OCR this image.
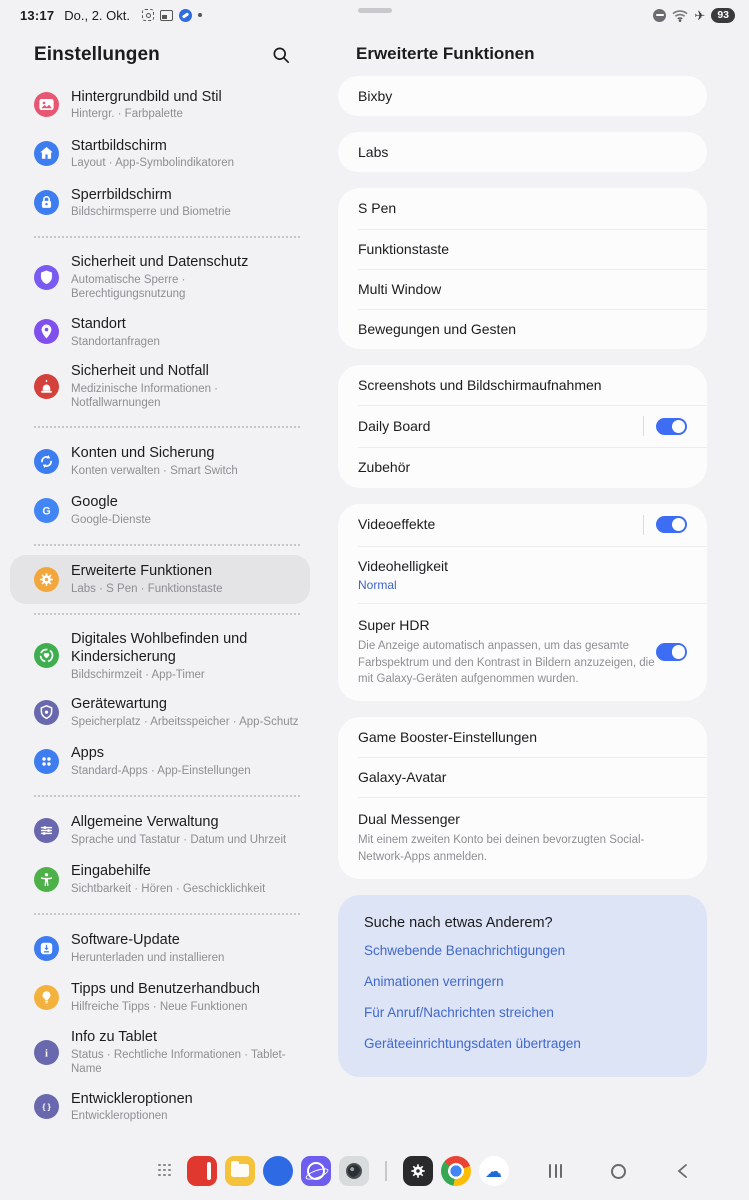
13:17 Do., 2. Okt.	✈	93
Einstellungen
Hintergrundbild und Stil
Hintergr. · Farbpalette
Startbildschirm
Layout · App-Symbolindikatoren
Sperrbildschirm
Bildschirmsperre und Biometrie
Sicherheit und Datenschutz
Automatische Sperre · Berechtigungsnutzung
Standort
Standortanfragen
Sicherheit und Notfall
Medizinische Informationen · Notfallwarnungen
Konten und Sicherung
Konten verwalten · Smart Switch
G
Google
Google-Dienste
Erweiterte Funktionen
Labs · S Pen · Funktionstaste
Digitales Wohlbefinden und Kindersicherung
Bildschirmzeit · App-Timer
Gerätewartung
Speicherplatz · Arbeitsspeicher · App-Schutz
Apps
Standard-Apps · App-Einstellungen
Allgemeine Verwaltung
Sprache und Tastatur · Datum und Uhrzeit
Eingabehilfe
Sichtbarkeit · Hören · Geschicklichkeit
Software-Update
Herunterladen und installieren
Tipps und Benutzerhandbuch
Hilfreiche Tipps · Neue Funktionen
i
Info zu Tablet
Status · Rechtliche Informationen · Tablet-Name
{ }
Entwickleroptionen
Entwickleroptionen
Erweiterte Funktionen
Bixby
Labs
S Pen
Funktionstaste
Multi Window
Bewegungen und Gesten
Screenshots und Bildschirmaufnahmen
Daily Board
Zubehör
Videoeffekte
Videohelligkeit
Normal
Super HDR
Die Anzeige automatisch anpassen, um das gesamte Farbspektrum und den Kontrast in Bildern anzuzeigen, die mit Galaxy-Geräten aufgenommen wurden.
Game Booster-Einstellungen
Galaxy-Avatar
Dual Messenger
Mit einem zweiten Konto bei deinen bevorzugten Social-Network-Apps anmelden.
Suche nach etwas Anderem?
Schwebende Benachrichtigungen
Animationen verringern
Für Anruf/Nachrichten streichen
Geräteeinrichtungsdaten übertragen
☁
